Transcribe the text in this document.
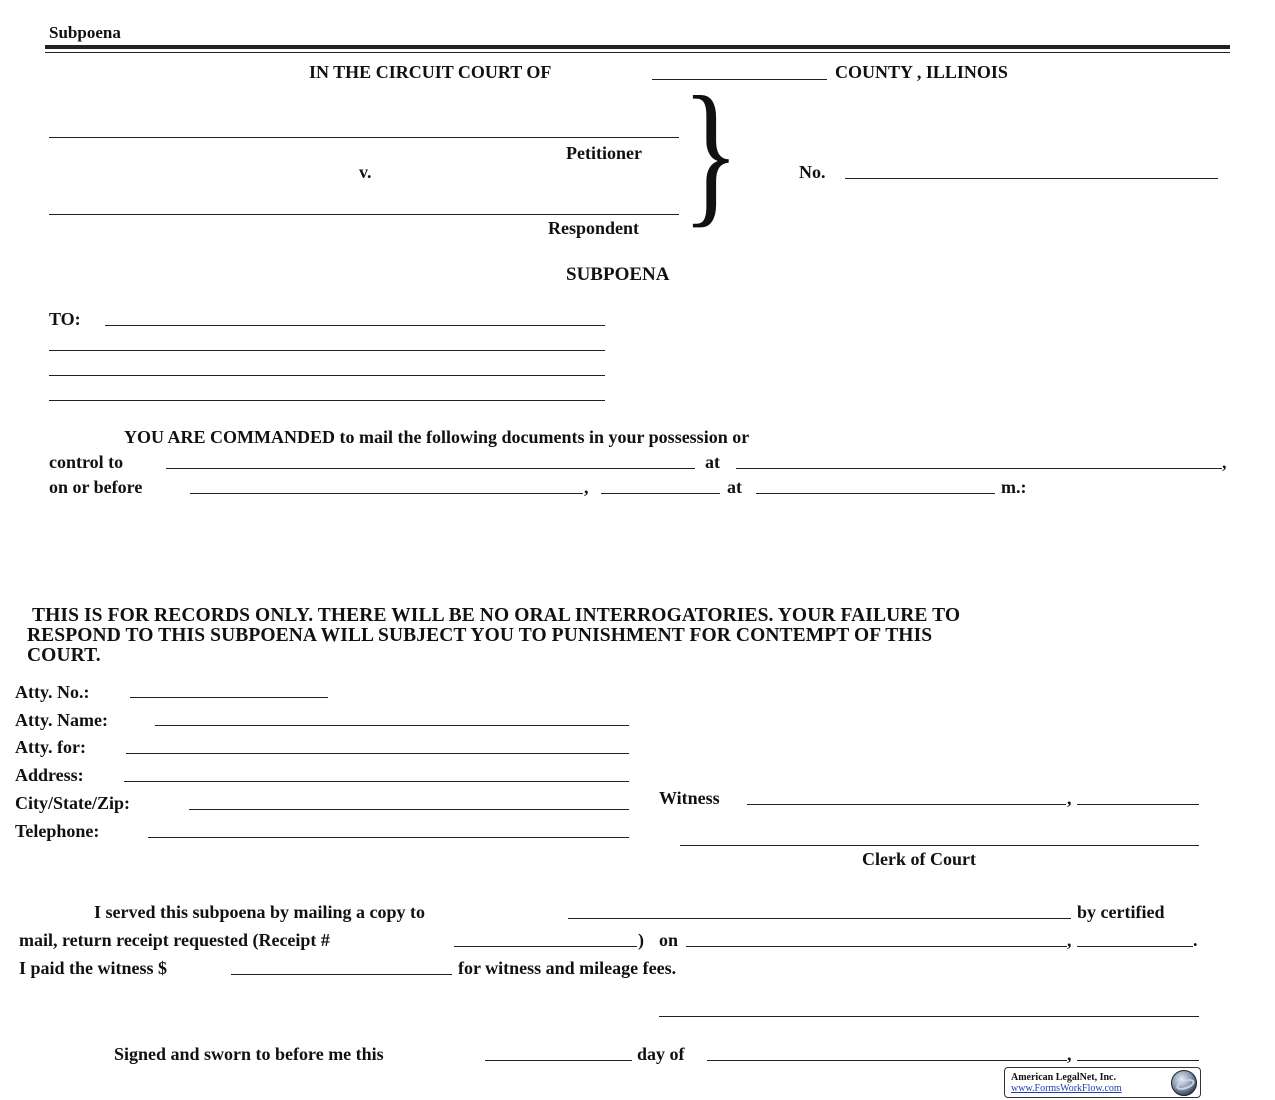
Subpoena
IN THE CIRCUIT COURT OF	COUNTY , ILLINOIS
Petitioner
v.
Respondent }	No.
SUBPOENA
TO:
YOU ARE COMMANDED to mail the following documents in your possession or
control to	at	,
on or before	,	at	m.:
THIS IS FOR RECORDS ONLY. THERE WILL BE NO ORAL INTERROGATORIES. YOUR FAILURE TO
RESPOND TO THIS SUBPOENA WILL SUBJECT YOU TO PUNISHMENT FOR CONTEMPT OF THIS
COURT.
Atty. No.:
Atty. Name:
Atty. for:
Address:
City/State/Zip:
Telephone:
Witness	,
Clerk of Court
I served this subpoena by mailing a copy to	by certified
mail, return receipt requested (Receipt #	) on	,	.
I paid the witness $	for witness and mileage fees.
Signed and sworn to before me this	day of	,
American LegalNet, Inc.
www.FormsWorkFlow.com
